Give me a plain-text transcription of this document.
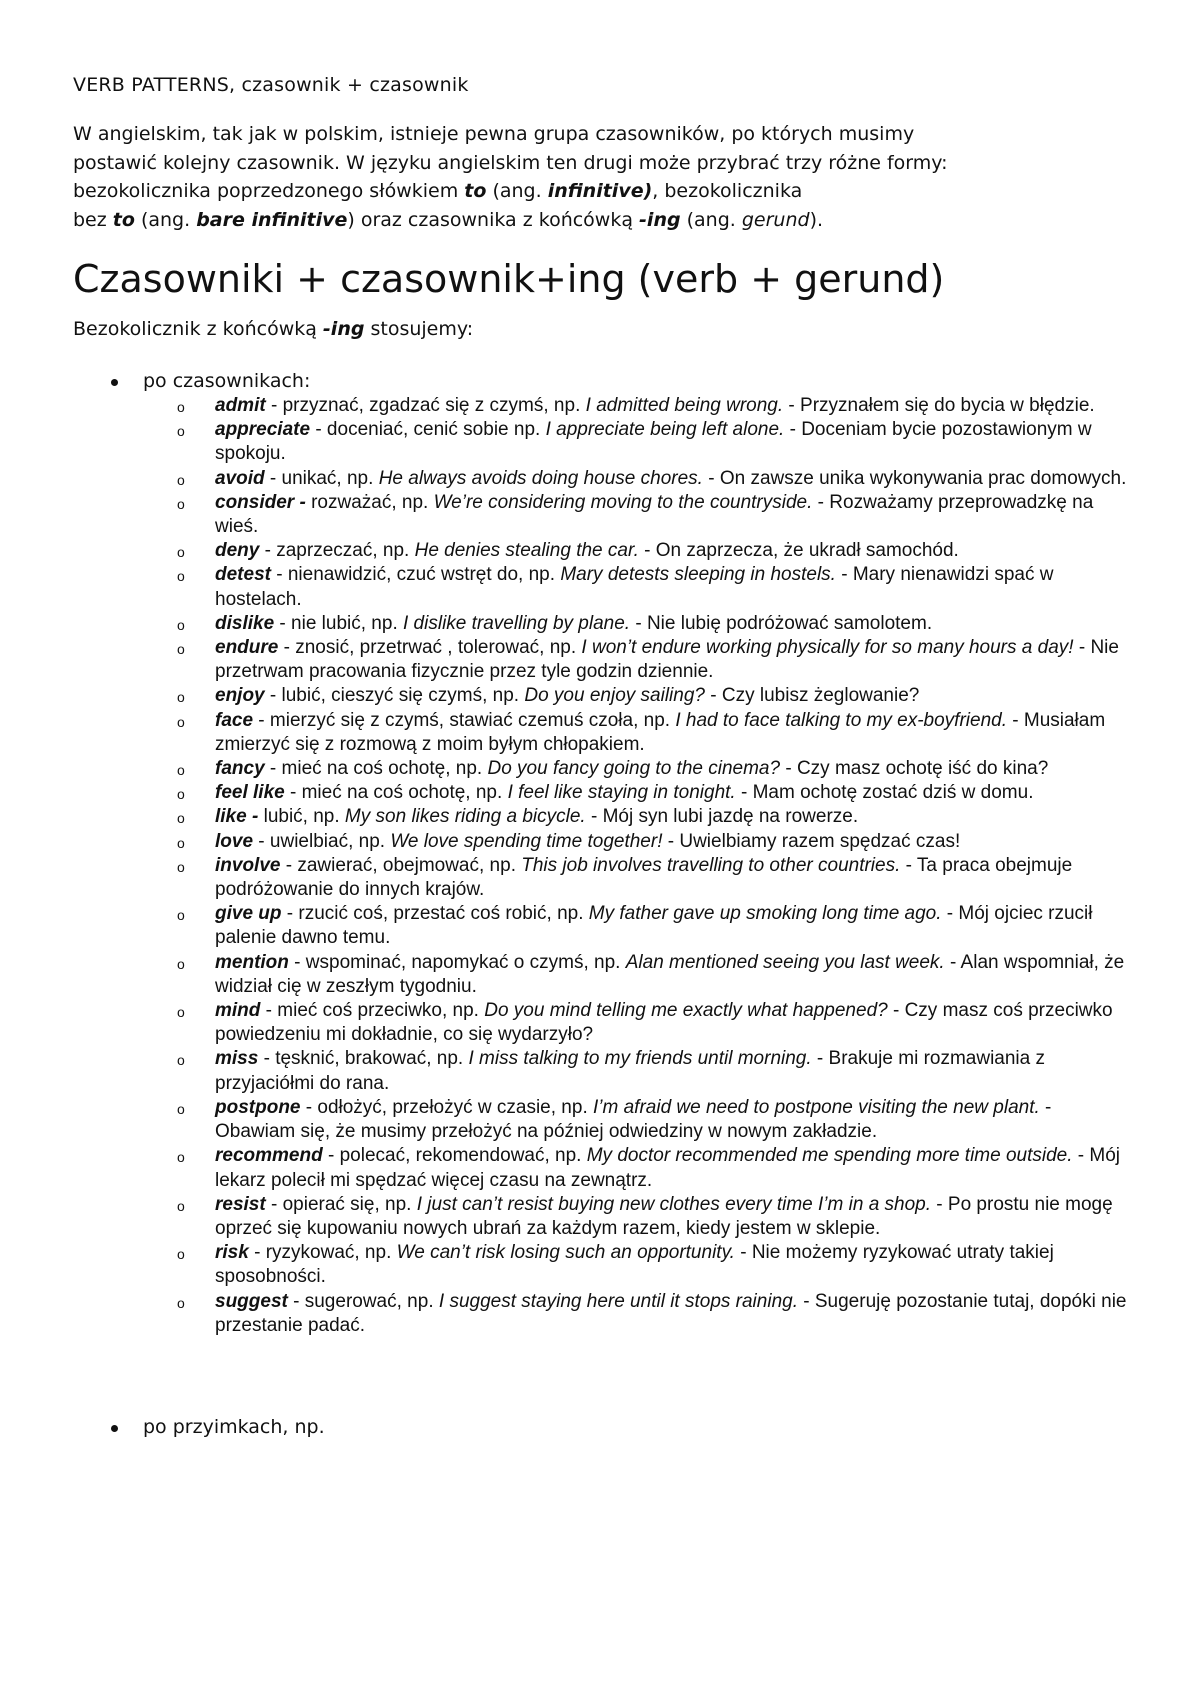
VERB PATTERNS, czasownik + czasownik

W angielskim, tak jak w polskim, istnieje pewna grupa czasowników, po których musimy

postawić kolejny czasownik. W języku angielskim ten drugi może przybrać trzy różne formy:

bezokolicznika poprzedzonego słówkiem to (ang. infinitive), bezokolicznika

bez to (ang. bare infinitive) oraz czasownika z końcówką -ing (ang. gerund).

Czasowniki + czasownik+ing (verb + gerund)
Bezokolicznik z końcówką -ing stosujemy:
po czasownikach:
o admit - przyznać, zgadzać się z czymś, np. I admitted being wrong. - Przyznałem się do bycia w błędzie.
o appreciate - doceniać, cenić sobie np. I appreciate being left alone. - Doceniam bycie pozostawionym w spokoju.
o avoid - unikać, np. He always avoids doing house chores. - On zawsze unika wykonywania prac domowych.
o consider - rozważać, np. We’re considering moving to the countryside. - Rozważamy przeprowadzkę na wieś.
o deny - zaprzeczać, np. He denies stealing the car. - On zaprzecza, że ukradł samochód.
o detest - nienawidzić, czuć wstręt do, np. Mary detests sleeping in hostels. - Mary nienawidzi spać w hostelach.
o dislike - nie lubić, np. I dislike travelling by plane. - Nie lubię podróżować samolotem.
o endure - znosić, przetrwać , tolerować, np. I won’t endure working physically for so many hours a day! - Nie przetrwam pracowania fizycznie przez tyle godzin dziennie.
o enjoy - lubić, cieszyć się czymś, np. Do you enjoy sailing? - Czy lubisz żeglowanie?
o face - mierzyć się z czymś, stawiać czemuś czoła, np. I had to face talking to my ex-boyfriend. - Musiałam zmierzyć się z rozmową z moim byłym chłopakiem.
o fancy - mieć na coś ochotę, np. Do you fancy going to the cinema? - Czy masz ochotę iść do kina?
o feel like - mieć na coś ochotę, np. I feel like staying in tonight. - Mam ochotę zostać dziś w domu.
o like - lubić, np. My son likes riding a bicycle. - Mój syn lubi jazdę na rowerze.
o love - uwielbiać, np. We love spending time together! - Uwielbiamy razem spędzać czas!
o involve - zawierać, obejmować, np. This job involves travelling to other countries. - Ta praca obejmuje podróżowanie do innych krajów.
o give up - rzucić coś, przestać coś robić, np. My father gave up smoking long time ago. - Mój ojciec rzucił palenie dawno temu.
o mention - wspominać, napomykać o czymś, np. Alan mentioned seeing you last week. - Alan wspomniał, że widział cię w zeszłym tygodniu.
o mind - mieć coś przeciwko, np. Do you mind telling me exactly what happened? - Czy masz coś przeciwko powiedzeniu mi dokładnie, co się wydarzyło?
o miss - tęsknić, brakować, np. I miss talking to my friends until morning. - Brakuje mi rozmawiania z przyjaciółmi do rana.
o postpone - odłożyć, przełożyć w czasie, np. I’m afraid we need to postpone visiting the new plant. - Obawiam się, że musimy przełożyć na później odwiedziny w nowym zakładzie.
o recommend - polecać, rekomendować, np. My doctor recommended me spending more time outside. - Mój lekarz polecił mi spędzać więcej czasu na zewnątrz.
o resist - opierać się, np. I just can’t resist buying new clothes every time I’m in a shop. - Po prostu nie mogę oprzeć się kupowaniu nowych ubrań za każdym razem, kiedy jestem w sklepie.
o risk - ryzykować, np. We can’t risk losing such an opportunity. - Nie możemy ryzykować utraty takiej sposobności.
o suggest - sugerować, np. I suggest staying here until it stops raining. - Sugeruję pozostanie tutaj, dopóki nie przestanie padać.
po przyimkach, np.
